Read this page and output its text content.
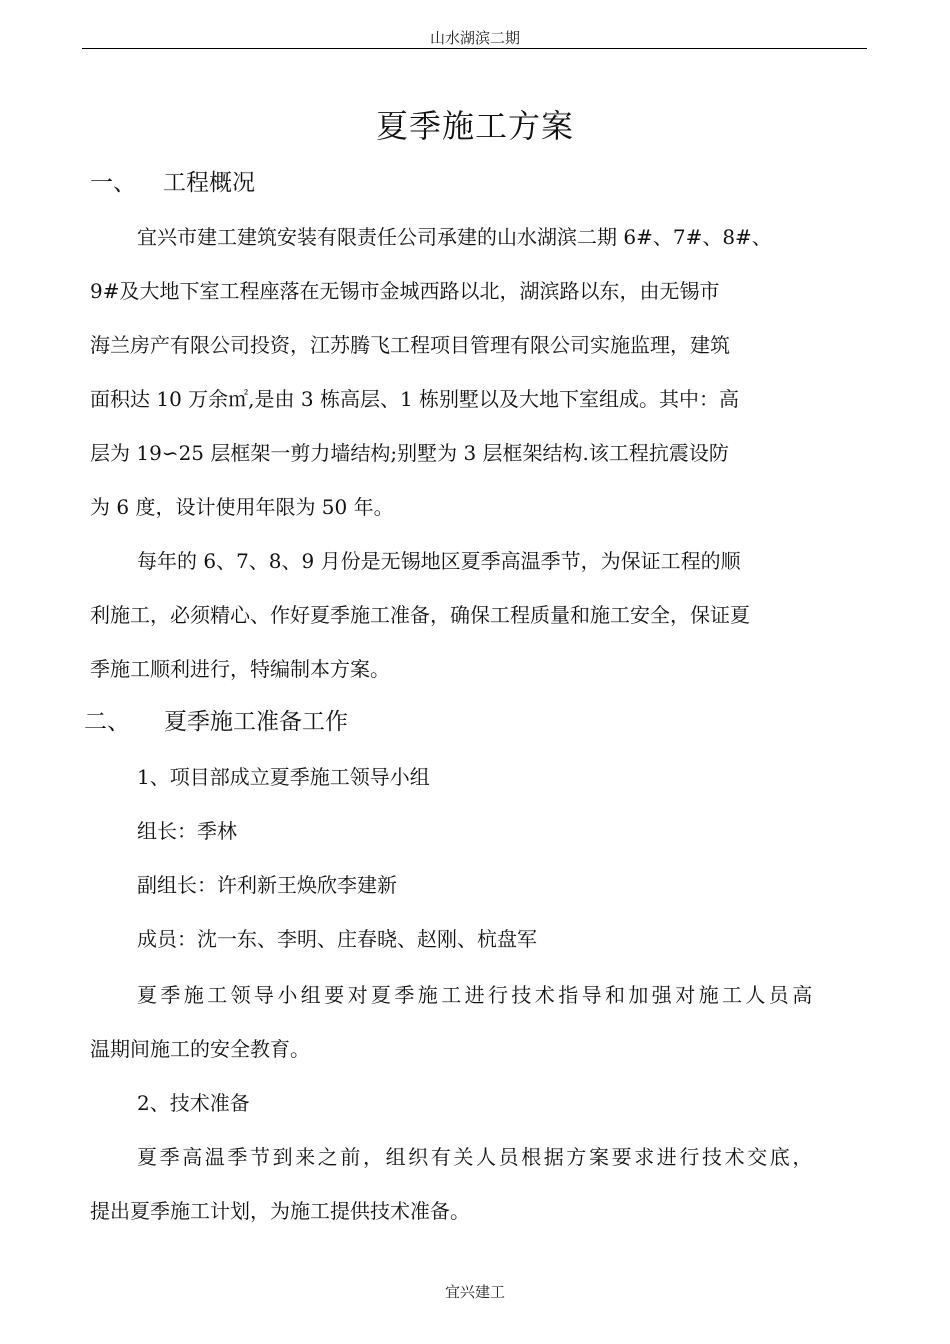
山水湖滨二期
夏季施工方案
一、 工程概况
宜兴市建工建筑安装有限责任公司承建的山水湖滨二期 6#、7#、8#、
9#及大地下室工程座落在无锡市金城西路以北，湖滨路以东，由无锡市
海兰房产有限公司投资，江苏腾飞工程项目管理有限公司实施监理，建筑
面积达 10 万余㎡,是由 3 栋高层、1 栋别墅以及大地下室组成。其中：高
层为 19∽25 层框架一剪力墙结构;别墅为 3 层框架结构.该工程抗震设防
为 6 度，设计使用年限为 50 年。
每年的 6、7、8、9 月份是无锡地区夏季高温季节，为保证工程的顺
利施工，必须精心、作好夏季施工准备，确保工程质量和施工安全，保证夏
季施工顺利进行，特编制本方案。
二、 夏季施工准备工作
1、项目部成立夏季施工领导小组
组长：季林
副组长：许利新王焕欣李建新
成员：沈一东、李明、庄春晓、赵刚、杭盘军
夏季施工领导小组要对夏季施工进行技术指导和加强对施工人员高
温期间施工的安全教育。
2、技术准备
夏季高温季节到来之前，组织有关人员根据方案要求进行技术交底，
提出夏季施工计划，为施工提供技术准备。
宜兴建工
